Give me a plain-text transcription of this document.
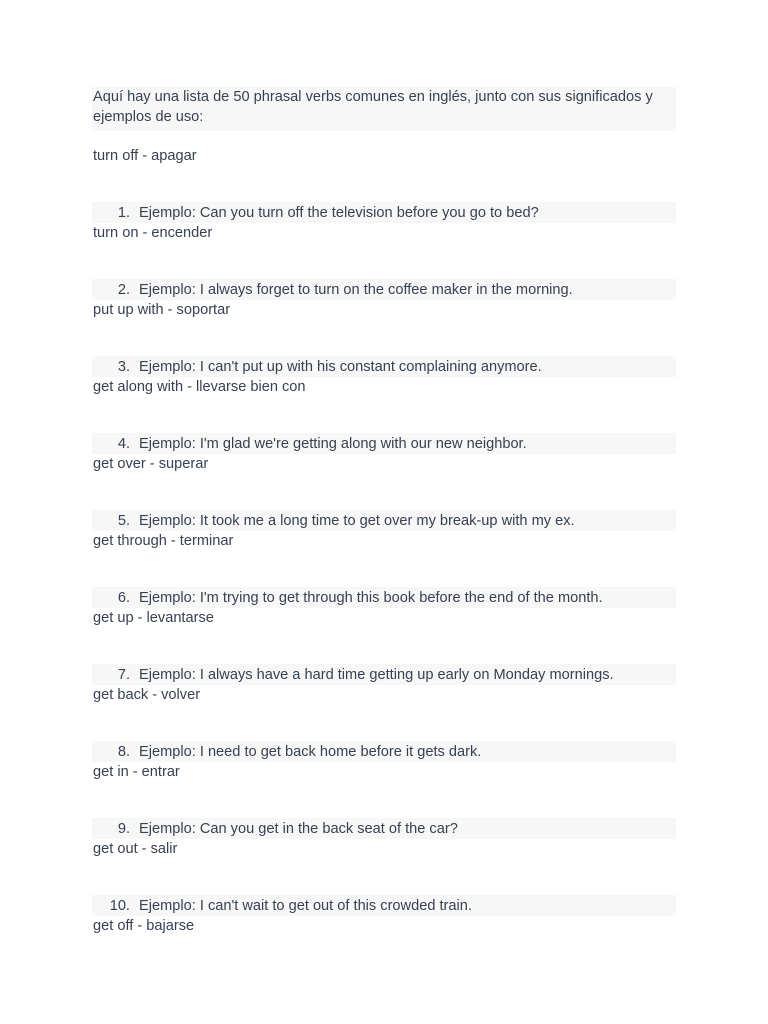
Aquí hay una lista de 50 phrasal verbs comunes en inglés, junto con sus significados y ejemplos de uso:

turn off - apagar
1. Ejemplo: Can you turn off the television before you go to bed?
turn on - encender
2. Ejemplo: I always forget to turn on the coffee maker in the morning.
put up with - soportar
3. Ejemplo: I can't put up with his constant complaining anymore.
get along with - llevarse bien con
4. Ejemplo: I'm glad we're getting along with our new neighbor.
get over - superar
5. Ejemplo: It took me a long time to get over my break-up with my ex.
get through - terminar
6. Ejemplo: I'm trying to get through this book before the end of the month.
get up - levantarse
7. Ejemplo: I always have a hard time getting up early on Monday mornings.
get back - volver
8. Ejemplo: I need to get back home before it gets dark.
get in - entrar
9. Ejemplo: Can you get in the back seat of the car?
get out - salir
10. Ejemplo: I can't wait to get out of this crowded train.
get off - bajarse
